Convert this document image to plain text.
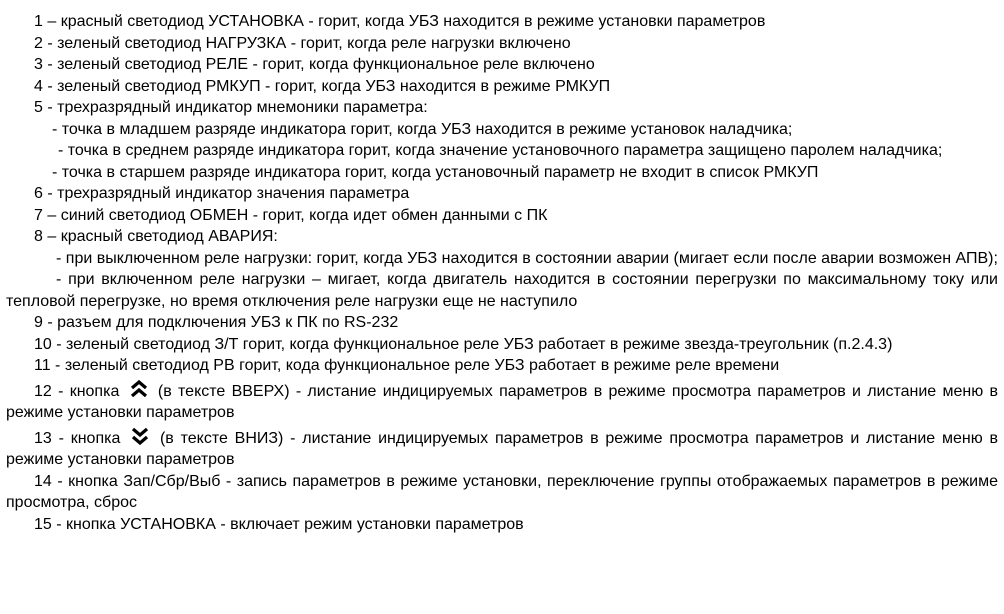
1 – красный светодиод УСТАНОВКА - горит, когда УБЗ находится в режиме установки параметров

2 - зеленый светодиод НАГРУЗКА - горит, когда реле нагрузки включено

3 - зеленый светодиод РЕЛЕ - горит, когда функциональное реле включено

4 - зеленый светодиод РМКУП - горит, когда УБЗ находится в режиме РМКУП

5 - трехразрядный индикатор мнемоники параметра:

- точка в младшем разряде индикатора горит, когда УБЗ находится в режиме установок наладчика;

- точка в среднем разряде индикатора горит, когда значение установочного параметра защищено паролем наладчика;

- точка в старшем разряде индикатора горит, когда установочный параметр не входит в список РМКУП

6 - трехразрядный индикатор значения параметра

7 – синий светодиод ОБМЕН - горит, когда идет обмен данными с ПК

8 – красный светодиод АВАРИЯ:

- при выключенном реле нагрузки: горит, когда УБЗ находится в состоянии аварии (мигает если после аварии возможен АПВ);

- при включенном реле нагрузки – мигает, когда двигатель находится в состоянии перегрузки по максимальному току или тепловой перегрузке, но время отключения реле нагрузки еще не наступило

9 - разъем для подключения УБЗ к ПК по RS-232

10 - зеленый светодиод З/Т горит, когда функциональное реле УБЗ работает в режиме звезда-треугольник (п.2.4.3)

11 - зеленый светодиод РВ горит, кода функциональное реле УБЗ работает в режиме реле времени

12 - кнопка (в тексте ВВЕРХ) - листание индицируемых параметров в режиме просмотра параметров и листание меню в режиме установки параметров

13 - кнопка (в тексте ВНИЗ) - листание индицируемых параметров в режиме просмотра параметров и листание меню в режиме установки параметров

14 - кнопка Зап/Сбр/Выб - запись параметров в режиме установки, переключение группы отображаемых параметров в режиме просмотра, сброс

15 - кнопка УСТАНОВКА - включает режим установки параметров
